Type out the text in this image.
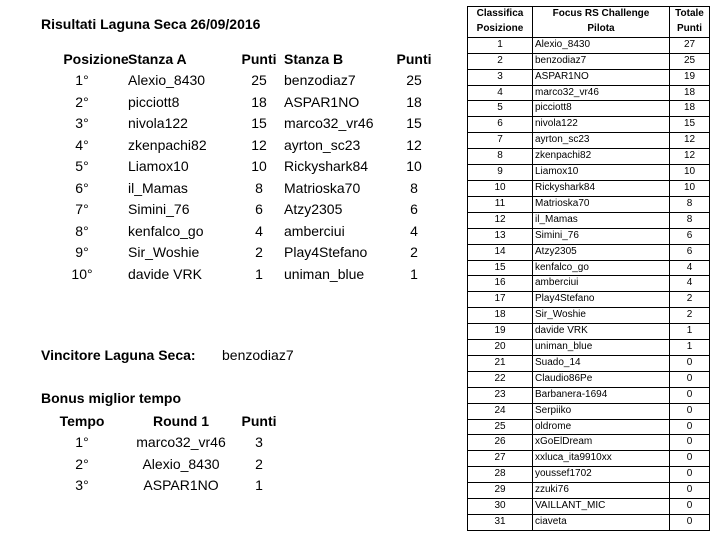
Risultati Laguna Seca 26/09/2016
Posizione Stanza A	Punti Stanza B	Punti
1°	Alexio_8430	25 benzodiaz7	25
2°	picciott8	18 ASPAR1NO	18
3°	nivola122	15 marco32_vr46 15
4°	zkenpachi82	12 ayrton_sc23	12
5°	Liamox10	10 Rickyshark84	10
6°	il_Mamas	8 Matrioska70	8
7°	Simini_76	6 Atzy2305	6
8°	kenfalco_go	4 amberciui	4
9°	Sir_Woshie	2 Play4Stefano	2
10°	davide VRK	1 uniman_blue	1
Vincitore Laguna Seca: benzodiaz7
Bonus miglior tempo
Tempo	Round 1 Punti
1°	marco32_vr46 3
2°	Alexio_8430	2
3°	ASPAR1NO	1
Classifica	Focus RS Challenge	Totale
Posizione	Pilota	Punti
1	Alexio_8430	27
2	benzodiaz7	25
3	ASPAR1NO	19
4	marco32_vr46	18
5	picciott8	18
6	nivola122	15
7	ayrton_sc23	12
8	zkenpachi82	12
9	Liamox10	10
10	Rickyshark84	10
11	Matrioska70	8
12	il_Mamas	8
13	Simini_76	6
14	Atzy2305	6
15	kenfalco_go	4
16	amberciui	4
17	Play4Stefano	2
18	Sir_Woshie	2
19	davide VRK	1
20	uniman_blue	1
21	Suado_14	0
22	Claudio86Pe	0
23	Barbanera-1694	0
24	Serpiiko	0
25	oldrome	0
26	xGoElDream	0
27	xxluca_ita9910xx	0
28	youssef1702	0
29	zzuki76	0
30	VAILLANT_MIC	0
31	ciaveta	0
